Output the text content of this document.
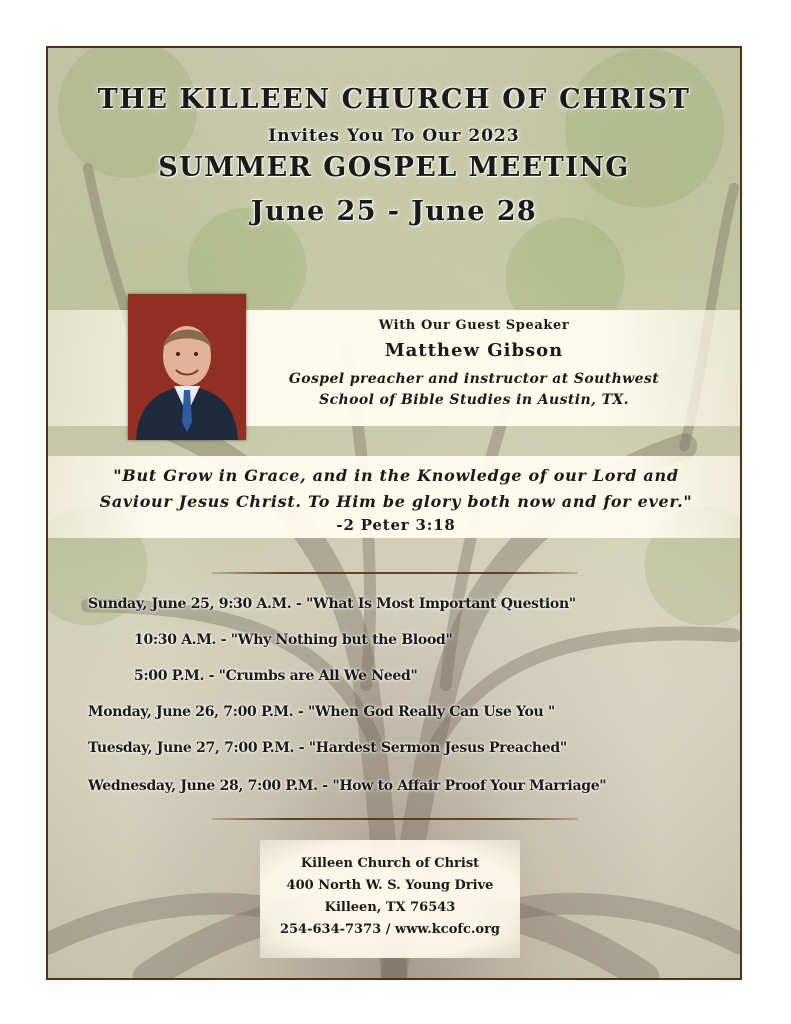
THE KILLEEN CHURCH OF CHRIST
Invites You To Our 2023
SUMMER GOSPEL MEETING
June 25 - June 28
With Our Guest Speaker
Matthew Gibson
Gospel preacher and instructor at Southwest
School of Bible Studies in Austin, TX.
"But Grow in Grace, and in the Knowledge of our Lord and
Saviour Jesus Christ. To Him be glory both now and for ever."
-2 Peter 3:18
Sunday, June 25, 9:30 A.M. - "What Is Most Important Question"
10:30 A.M. - "Why Nothing but the Blood"
5:00 P.M. - "Crumbs are All We Need"
Monday, June 26, 7:00 P.M. - "When God Really Can Use You "
Tuesday, June 27, 7:00 P.M. - "Hardest Sermon Jesus Preached"
Wednesday, June 28, 7:00 P.M. - "How to Affair Proof Your Marriage"
Killeen Church of Christ
400 North W. S. Young Drive
Killeen, TX 76543
254-634-7373 / www.kcofc.org
